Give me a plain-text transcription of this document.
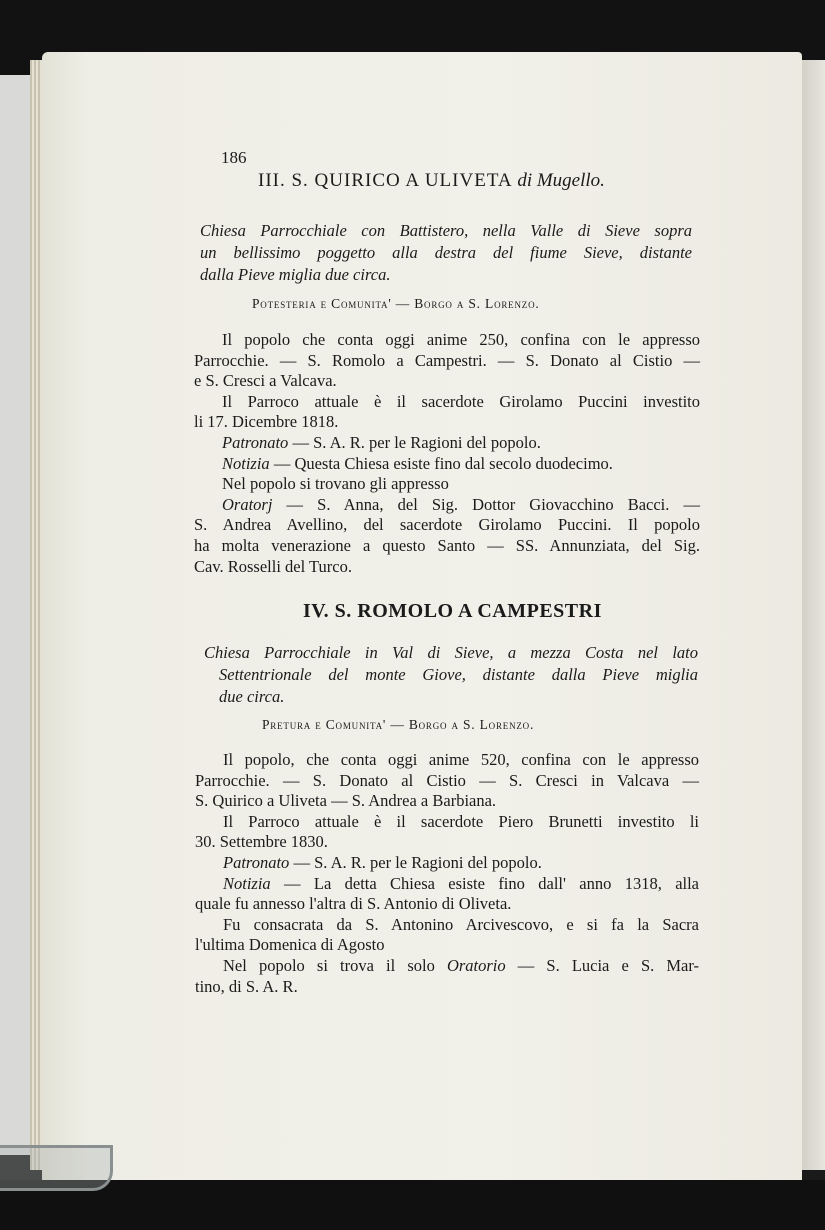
186
III. S. QUIRICO A ULIVETA di Mugello.
Chiesa Parrocchiale con Battistero, nella Valle di Sieve sopra
un bellissimo poggetto alla destra del fiume Sieve, distante
dalla Pieve miglia due circa.
Potesteria e Comunita' — Borgo a S. Lorenzo.
Il popolo che conta oggi anime 250, confina con le appresso
Parrocchie. — S. Romolo a Campestri. — S. Donato al Cistio —
e S. Cresci a Valcava.
Il Parroco attuale è il sacerdote Girolamo Puccini investito
li 17. Dicembre 1818.
Patronato — S. A. R. per le Ragioni del popolo.
Notizia — Questa Chiesa esiste fino dal secolo duodecimo.
Nel popolo si trovano gli appresso
Oratorj — S. Anna, del Sig. Dottor Giovacchino Bacci. —
S. Andrea Avellino, del sacerdote Girolamo Puccini. Il popolo
ha molta venerazione a questo Santo — SS. Annunziata, del Sig.
Cav. Rosselli del Turco.
IV. S. ROMOLO A CAMPESTRI
Chiesa Parrocchiale in Val di Sieve, a mezza Costa nel lato
Settentrionale del monte Giove, distante dalla Pieve miglia
due circa.
Pretura e Comunita' — Borgo a S. Lorenzo.
Il popolo, che conta oggi anime 520, confina con le appresso
Parrocchie. — S. Donato al Cistio — S. Cresci in Valcava —
S. Quirico a Uliveta — S. Andrea a Barbiana.
Il Parroco attuale è il sacerdote Piero Brunetti investito li
30. Settembre 1830.
Patronato — S. A. R. per le Ragioni del popolo.
Notizia — La detta Chiesa esiste fino dall' anno 1318, alla
quale fu annesso l'altra di S. Antonio di Oliveta.
Fu consacrata da S. Antonino Arcivescovo, e si fa la Sacra
l'ultima Domenica di Agosto
Nel popolo si trova il solo Oratorio — S. Lucia e S. Mar-
tino, di S. A. R.
